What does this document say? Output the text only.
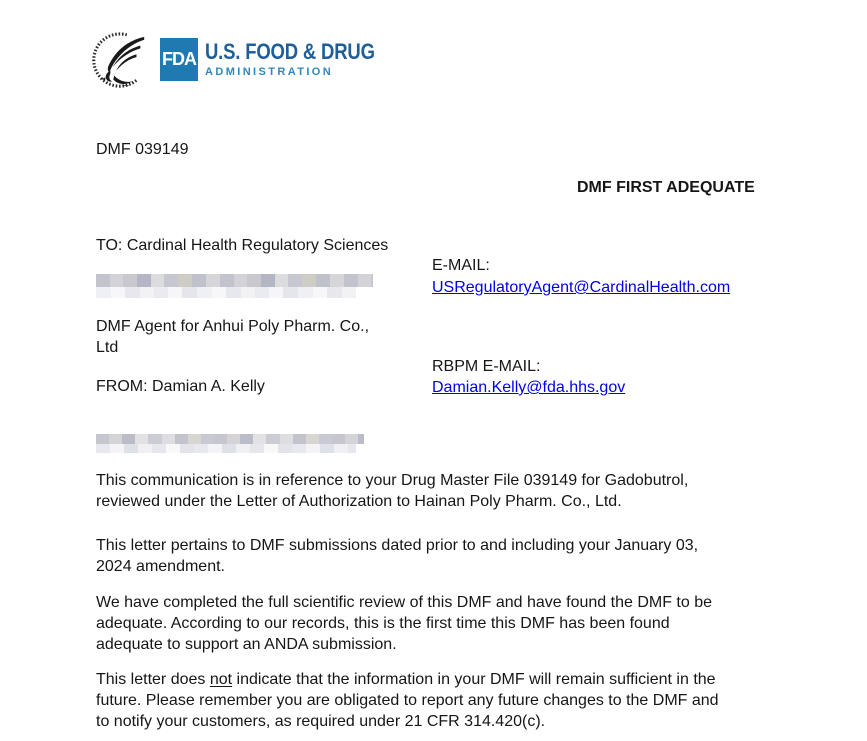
FDA U.S. FOOD & DRUG
ADMINISTRATION
DMF 039149
DMF FIRST ADEQUATE
TO: Cardinal Health Regulatory Sciences
E-MAIL:
USRegulatoryAgent@CardinalHealth.com
DMF Agent for Anhui Poly Pharm. Co.,
Ltd
RBPM E-MAIL:
Damian.Kelly@fda.hhs.gov
FROM: Damian A. Kelly
This communication is in reference to your Drug Master File 039149 for Gadobutrol,
reviewed under the Letter of Authorization to Hainan Poly Pharm. Co., Ltd.
This letter pertains to DMF submissions dated prior to and including your January 03,
2024 amendment.
We have completed the full scientific review of this DMF and have found the DMF to be
adequate. According to our records, this is the first time this DMF has been found
adequate to support an ANDA submission.
This letter does not indicate that the information in your DMF will remain sufficient in the
future. Please remember you are obligated to report any future changes to the DMF and
to notify your customers, as required under 21 CFR 314.420(c).
